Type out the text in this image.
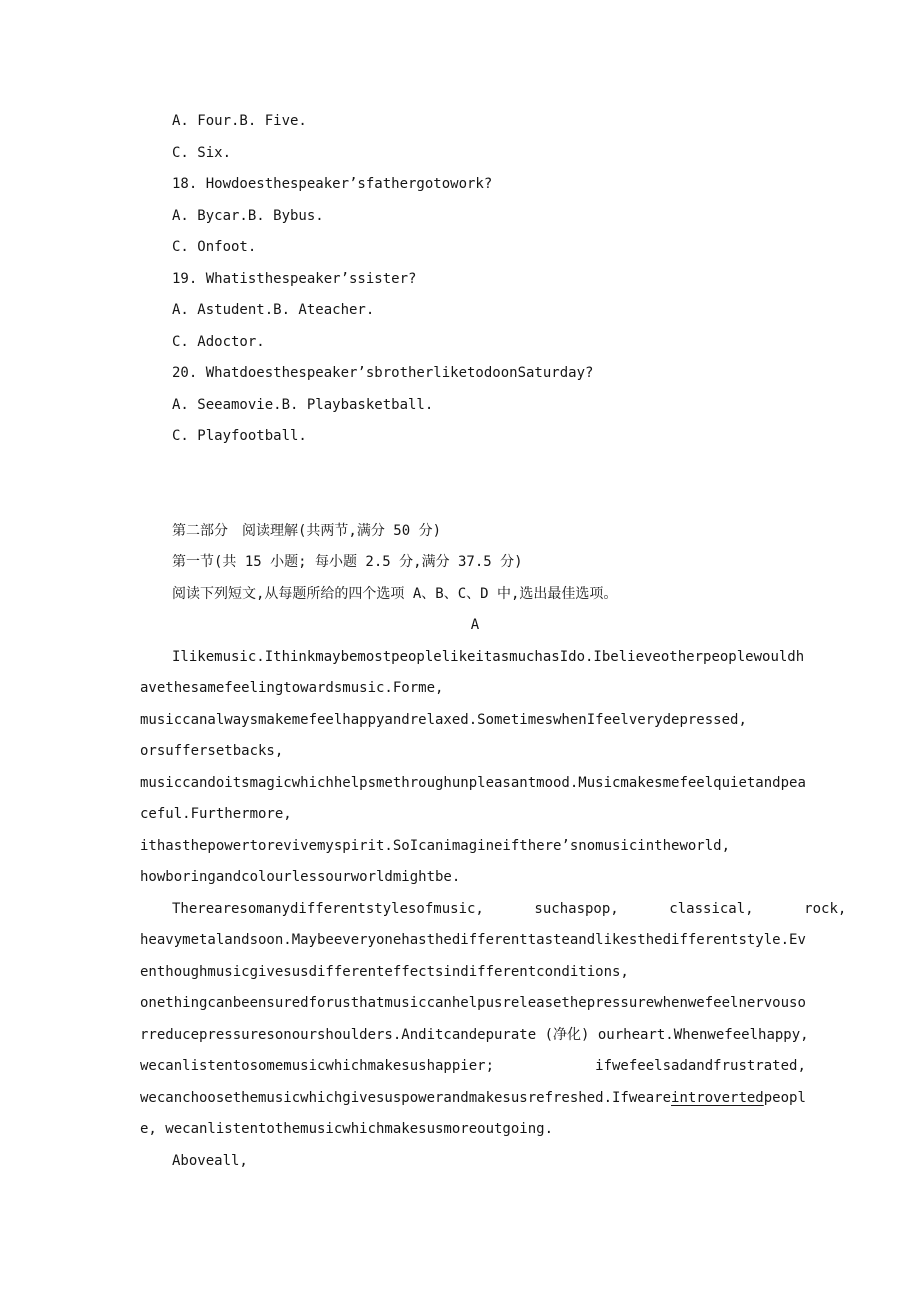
A. Four.B. Five.
C. Six.
18. Howdoesthespeaker’sfathergotowork?
A. Bycar.B. Bybus.
C. Onfoot.
19. Whatisthespeaker’ssister?
A. Astudent.B. Ateacher.
C. Adoctor.
20. Whatdoesthespeaker’sbrotherliketodoonSaturday?
A. Seeamovie.B. Playbasketball.
C. Playfootball.
第二部分　阅读理解(共两节,满分 50 分)
第一节(共 15 小题; 每小题 2.5 分,满分 37.5 分)
阅读下列短文,从每题所给的四个选项 A、B、C、D 中,选出最佳选项。
A
Ilikemusic.IthinkmaybemostpeoplelikeitasmuchasIdo.Ibelieveotherpeoplewouldh
avethesamefeelingtowardsmusic.Forme,
musiccanalwaysmakemefeelhappyandrelaxed.SometimeswhenIfeelverydepressed,
orsuffersetbacks,
musiccandoitsmagicwhichhelpsmethroughunpleasantmood.Musicmakesmefeelquietandpea
ceful.Furthermore,
ithasthepowertorevivemyspirit.SoIcanimagineifthere’snomusicintheworld,
howboringandcolourlessourworldmightbe.
Therearesomanydifferentstylesofmusic,      suchaspop,      classical,      rock,
heavymetalandsoon.Maybeeveryonehasthedifferenttasteandlikesthedifferentstyle.Ev
enthoughmusicgivesusdifferenteffectsindifferentconditions,
onethingcanbeensuredforusthatmusiccanhelpusreleasethepressurewhenwefeelnervouso
rreducepressuresonourshoulders.Anditcandepurate (净化) ourheart.Whenwefeelhappy,
wecanlistentosomemusicwhichmakesushappier;            ifwefeelsadandfrustrated,
wecanchoosethemusicwhichgivesuspowerandmakesusrefreshed.Ifweareintrovertedpeopl
e, wecanlistentothemusicwhichmakesusmoreoutgoing.
Aboveall,
